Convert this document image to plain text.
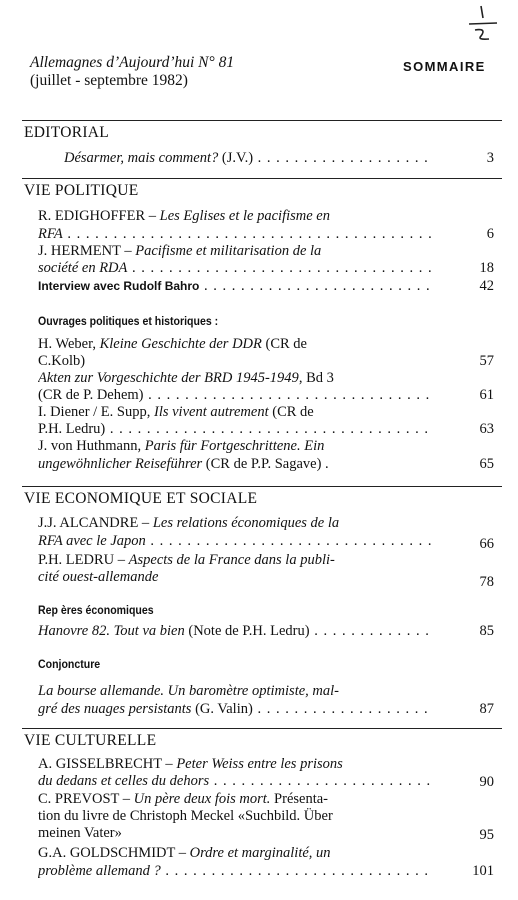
Allemagnes d’Aujourd’hui N° 81
(juillet - septembre 1982)
SOMMAIRE
EDITORIAL
Désarmer, mais comment? (J.V.) . . .	3
VIE POLITIQUE
R. EDIGHOFFER – Les Eglises et le pacifisme en
RFA . . .	6
J. HERMENT – Pacifisme et militarisation de la
société en RDA . . .	18
Interview avec Rudolf Bahro . . .	42
Ouvrages politiques et historiques :
H. Weber, Kleine Geschichte der DDR (CR de
C.Kolb)	57
Akten zur Vorgeschichte der BRD 1945-1949, Bd 3
(CR de P. Dehem) . . .	61
I. Diener / E. Supp, Ils vivent autrement (CR de
P.H. Ledru) . . .	63
J. von Huthmann, Paris für Fortgeschrittene. Ein
ungewöhnlicher Reiseführer (CR de P.P. Sagave) .	65
VIE ECONOMIQUE ET SOCIALE
J.J. ALCANDRE – Les relations économiques de la
RFA avec le Japon . . .	66
P.H. LEDRU – Aspects de la France dans la publi-
cité ouest-allemande	78
Rep ères économiques
Hanovre 82. Tout va bien (Note de P.H. Ledru) . . .	85
Conjoncture
La bourse allemande. Un baromètre optimiste, mal-
gré des nuages persistants (G. Valin) . . .	87
VIE CULTURELLE
A. GISSELBRECHT – Peter Weiss entre les prisons
du dedans et celles du dehors . . .	90
C. PREVOST – Un père deux fois mort. Présenta-
tion du livre de Christoph Meckel «Suchbild. Über
meinen Vater»	95
G.A. GOLDSCHMIDT – Ordre et marginalité, un
problème allemand ? . . .	101
